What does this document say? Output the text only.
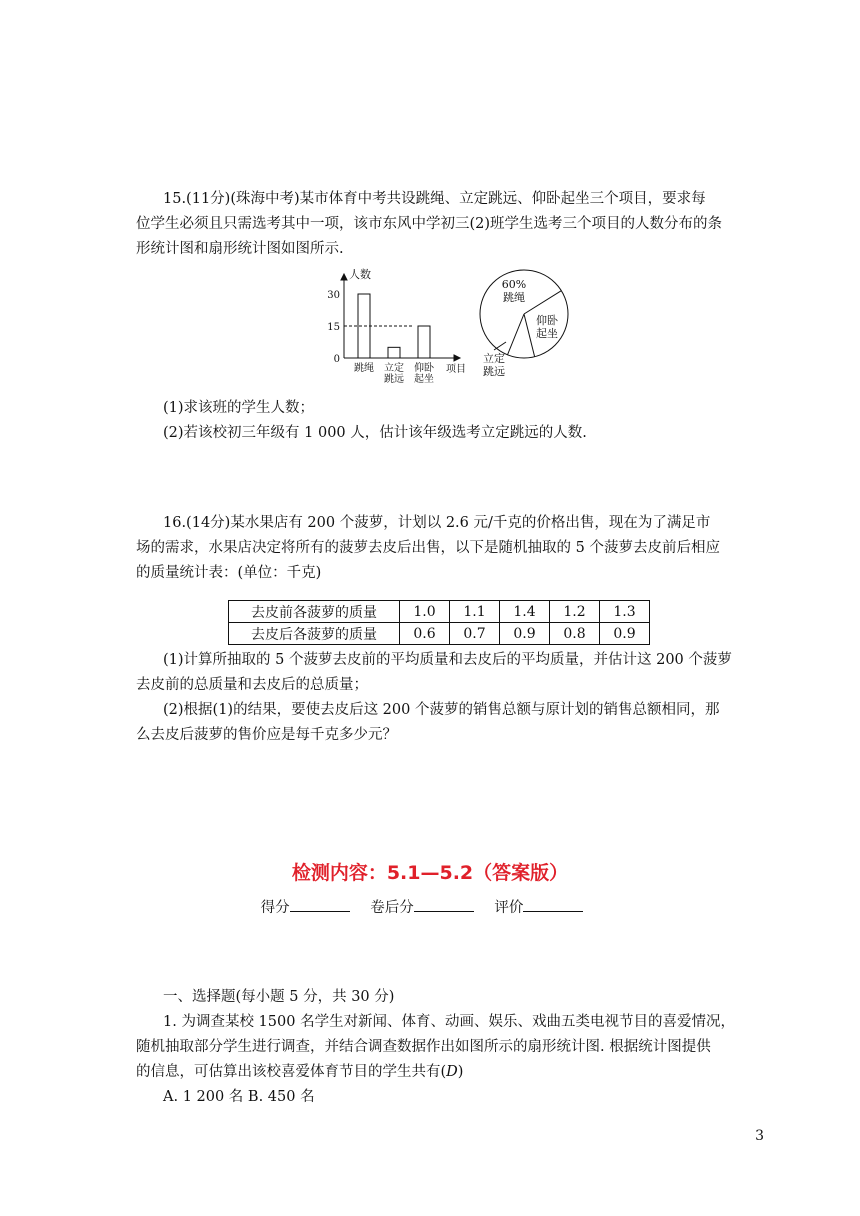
15.(11分)(珠海中考)某市体育中考共设跳绳、立定跳远、仰卧起坐三个项目，要求每
位学生必须且只需选考其中一项，该市东风中学初三(2)班学生选考三个项目的人数分布的条
形统计图和扇形统计图如图所示.
人数
项目
0
15
30
跳绳 立定
跳远
仰卧
起坐
60%
跳绳
仰卧
起坐
立定
跳远
(1)求该班的学生人数；
(2)若该校初三年级有 1 000 人，估计该年级选考立定跳远的人数.
16.(14分)某水果店有 200 个菠萝，计划以 2.6 元/千克的价格出售，现在为了满足市
场的需求，水果店决定将所有的菠萝去皮后出售，以下是随机抽取的 5 个菠萝去皮前后相应
的质量统计表：(单位：千克)
去皮前各菠萝的质量	1.0	1.1	1.4	1.2	1.3
去皮后各菠萝的质量	0.6	0.7	0.9	0.8	0.9
(1)计算所抽取的 5 个菠萝去皮前的平均质量和去皮后的平均质量，并估计这 200 个菠萝
去皮前的总质量和去皮后的总质量；
(2)根据(1)的结果，要使去皮后这 200 个菠萝的销售总额与原计划的销售总额相同，那
么去皮后菠萝的售价应是每千克多少元？
检测内容：5.1—5.2（答案版）
得分	卷后分	评价
一、选择题(每小题 5 分，共 30 分)
1. 为调查某校 1500 名学生对新闻、体育、动画、娱乐、戏曲五类电视节目的喜爱情况，
随机抽取部分学生进行调查，并结合调查数据作出如图所示的扇形统计图. 根据统计图提供
的信息，可估算出该校喜爱体育节目的学生共有(D)
A. 1 200 名 B. 450 名
3
